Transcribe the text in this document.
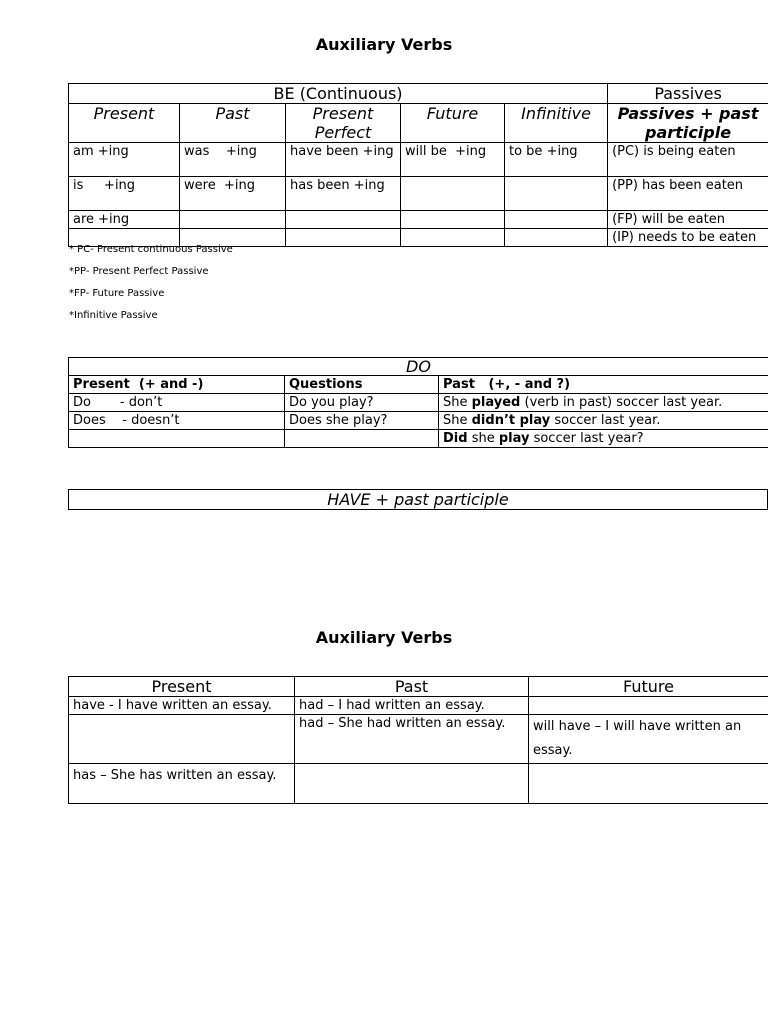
Auxiliary Verbs
BE (Continuous)					Passives
Present	Past	Present Perfect	Future	Infinitive	Passives + past participle
am +ing	was    +ing	have been +ing	will be  +ing	to be +ing	(PC) is being eaten
is     +ing	were  +ing	has been +ing			(PP) has been eaten
are +ing					(FP) will be eaten
					(IP) needs to be eaten
* PC- Present continuous Passive
*PP- Present Perfect Passive
*FP- Future Passive
*Infinitive Passive
DO		
Present  (+ and -)	Questions	Past   (+, - and ?)
Do       - don’t	Do you play?	She played (verb in past) soccer last year.
Does    - doesn’t	Does she play?	She didn’t play soccer last year.
		Did she play soccer last year?
HAVE + past participle
Auxiliary Verbs
Present	Past	Future
have - I have written an essay.	had – I had written an essay.	
	had – She had written an essay.	will have – I will have written an essay.
has – She has written an essay.		
